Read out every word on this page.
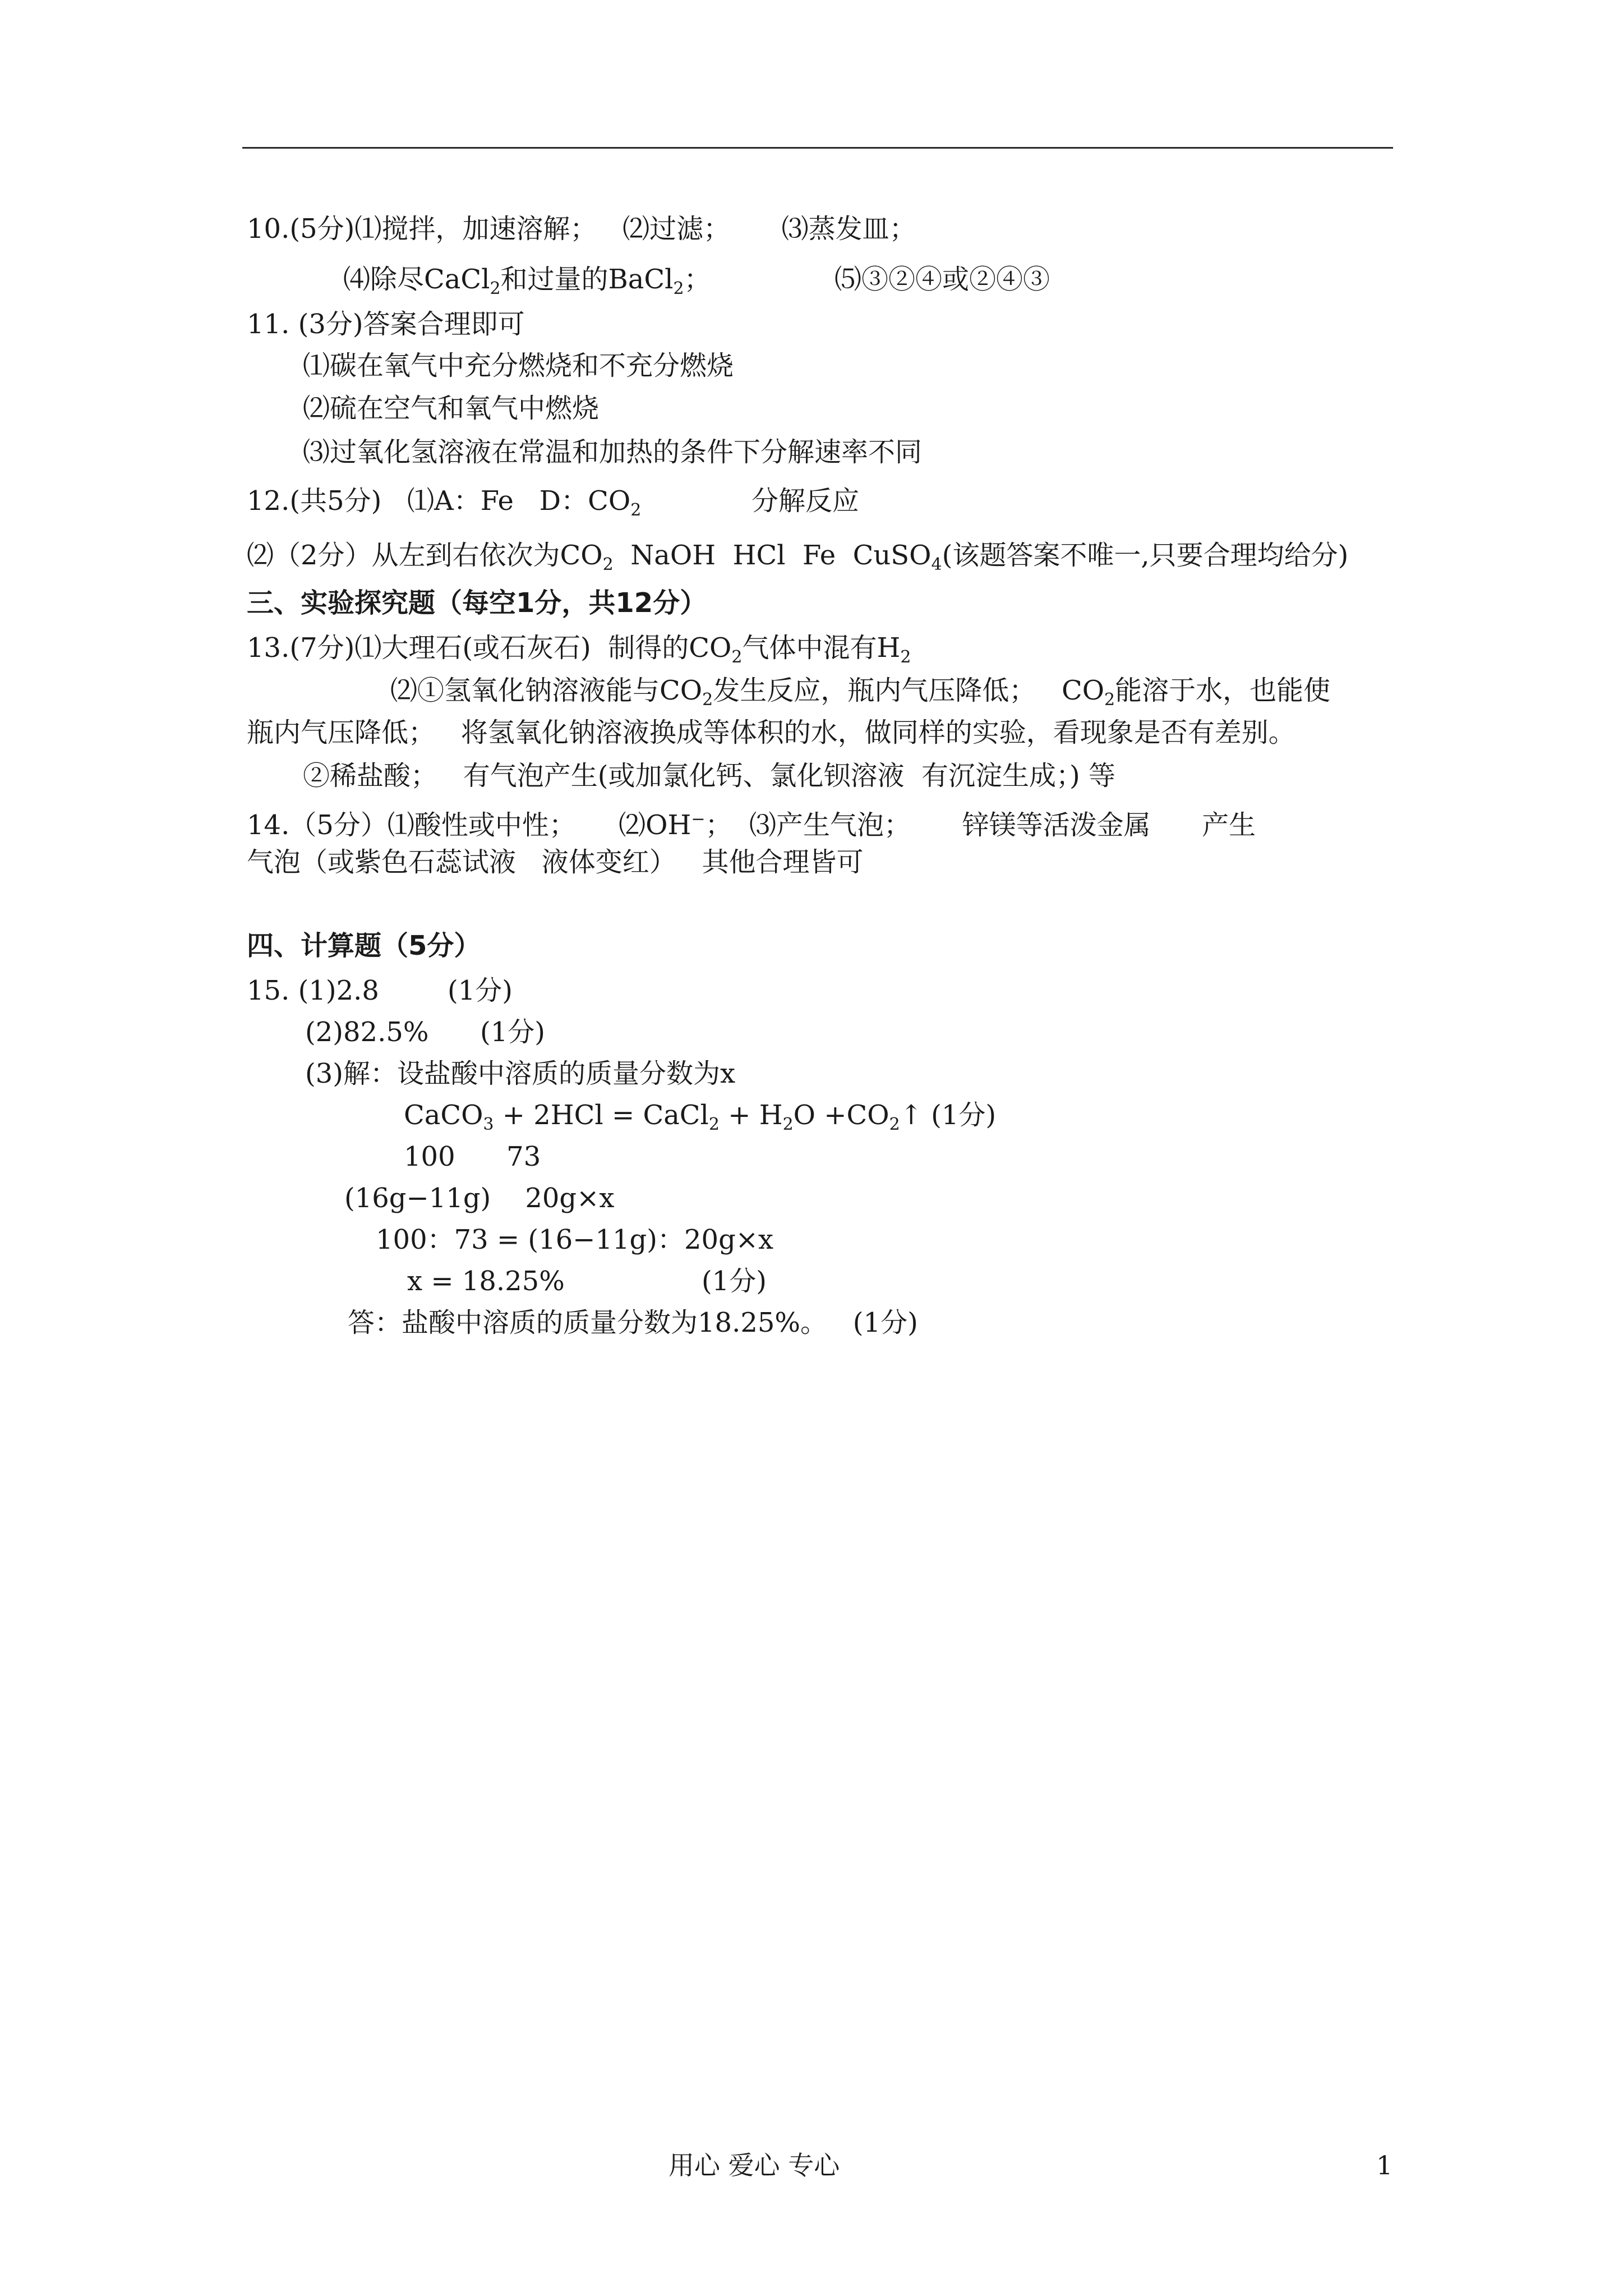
10.(5分)⑴搅拌，加速溶解；   ⑵过滤；      ⑶蒸发皿；
⑷除尽CaCl$_2$和过量的BaCl$_2$；	⑸③②④或②④③
11. (3分)答案合理即可
⑴碳在氧气中充分燃烧和不充分燃烧
⑵硫在空气和氧气中燃烧
⑶过氧化氢溶液在常温和加热的条件下分解速率不同
12.(共5分)   ⑴A：Fe   D：$CO_2$	分解反应
⑵（2分）从左到右依次为$CO_2$  NaOH  HCl  Fe  CuSO$_4$(该题答案不唯一,只要合理均给分)
三、实验探究题（每空1分，共12分）
13.(7分)⑴大理石(或石灰石)  制得的$CO_2$气体中混有$H_2$
⑵①氢氧化钠溶液能与$CO_2$发生反应，瓶内气压降低；   $CO_2$能溶于水，也能使
瓶内气压降低；   将氢氧化钠溶液换成等体积的水，做同样的实验，看现象是否有差别。
②稀盐酸；   有气泡产生(或加氯化钙、氯化钡溶液  有沉淀生成；) 等
14.（5分）⑴酸性或中性；     ⑵OH−；  ⑶产生气泡；      锌镁等活泼金属      产生
气泡（或紫色石蕊试液   液体变红）   其他合理皆可
四、计算题（5分）
15. (1)2.8        (1分)
(2)82.5%      (1分)
(3)解：设盐酸中溶质的质量分数为x
CaCO$_3$ + 2HCl = CaCl$_2$ + $H_2O$ $+CO_2↑$ (1分)
100      73
(16g−11g)    20g×x
100：73 = (16−11g)：20g×x
x = 18.25%                (1分)
答：盐酸中溶质的质量分数为18.25%。   (1分)
用心 爱心 专心	1
